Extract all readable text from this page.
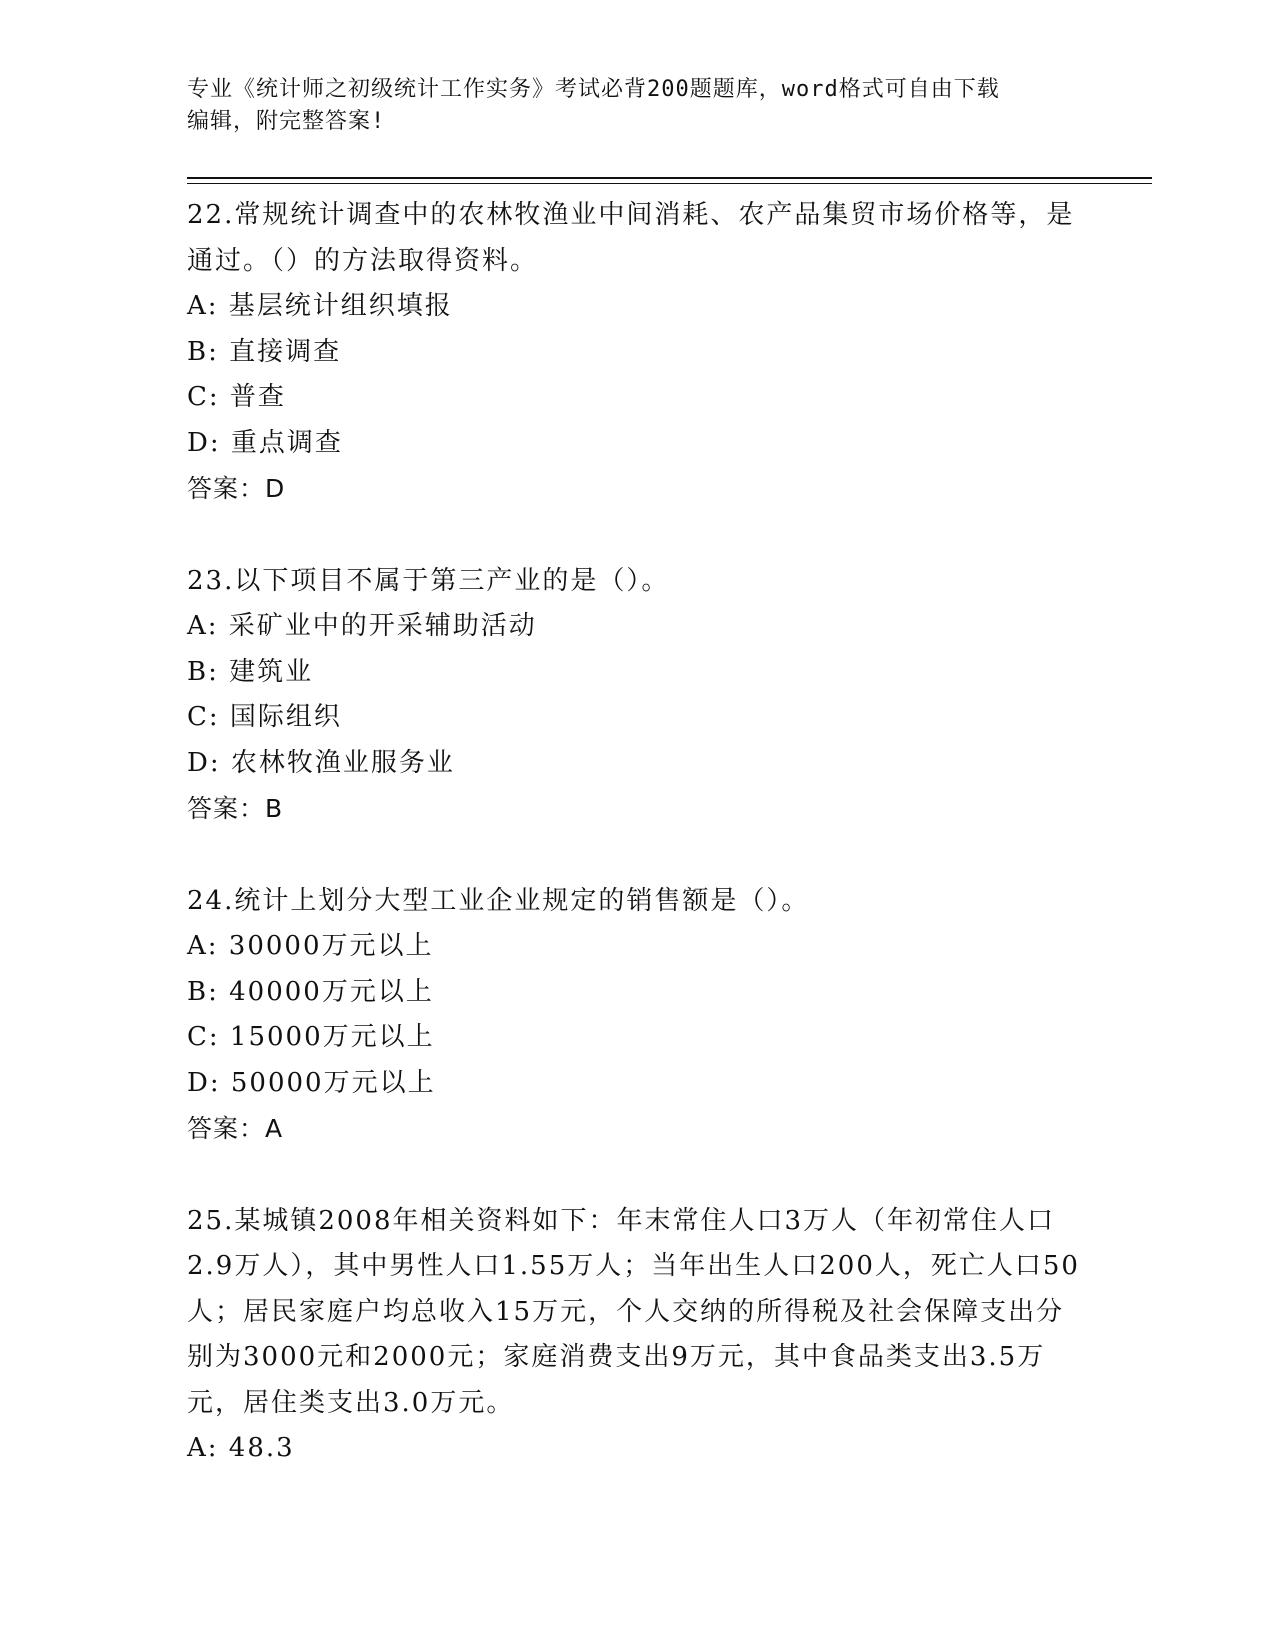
专业《统计师之初级统计工作实务》考试必背200题题库，word格式可自由下载
编辑，附完整答案!
22.常规统计调查中的农林牧渔业中间消耗、农产品集贸市场价格等，是通过。（）的方法取得资料。
A: 基层统计组织填报
B: 直接调查
C: 普查
D: 重点调查
答案：D
23.以下项目不属于第三产业的是（）。
A: 采矿业中的开采辅助活动
B: 建筑业
C: 国际组织
D: 农林牧渔业服务业
答案：B
24.统计上划分大型工业企业规定的销售额是（）。
A: 30000万元以上
B: 40000万元以上
C: 15000万元以上
D: 50000万元以上
答案：A
25.某城镇2008年相关资料如下：年末常住人口3万人（年初常住人口2.9万人），其中男性人口1.55万人；当年出生人口200人，死亡人口50人；居民家庭户均总收入15万元，个人交纳的所得税及社会保障支出分别为3000元和2000元；家庭消费支出9万元，其中食品类支出3.5万元，居住类支出3.0万元。
A: 48.3
